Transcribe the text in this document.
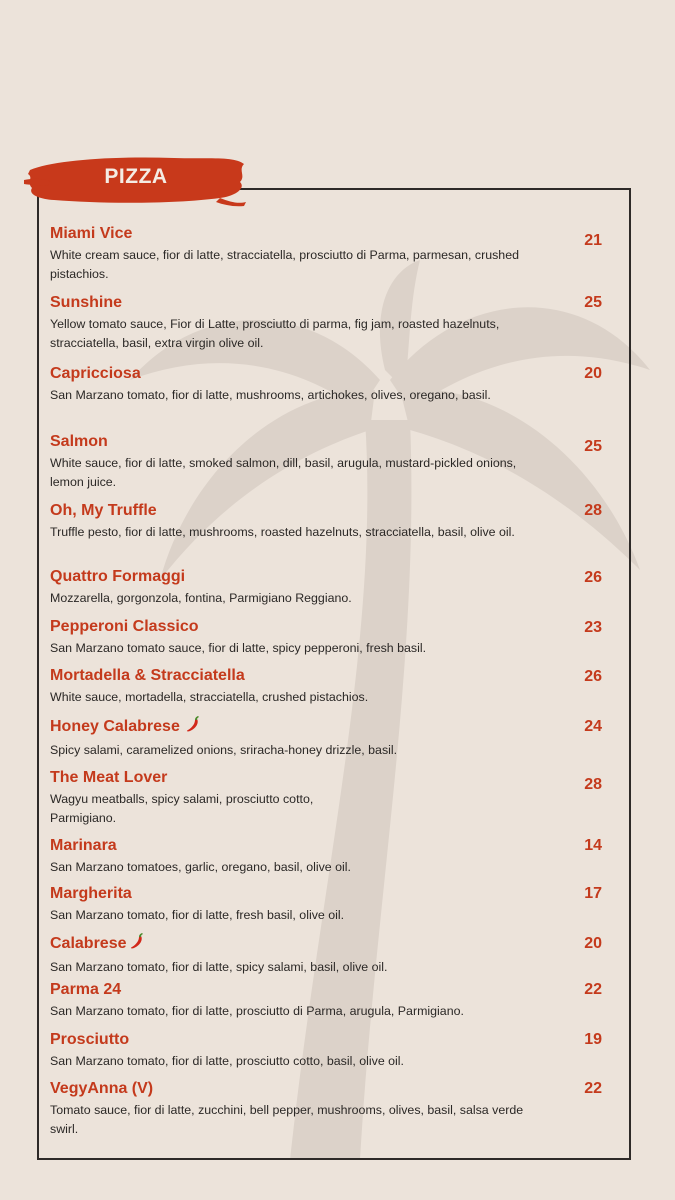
PIZZA
Miami Vice
White cream sauce, fior di latte, stracciatella, prosciutto di Parma, parmesan, crushed pistachios.
21
Sunshine
Yellow tomato sauce, Fior di Latte, prosciutto di parma, fig jam, roasted hazelnuts, stracciatella, basil, extra virgin olive oil.
25
Capricciosa
San Marzano tomato, fior di latte, mushrooms, artichokes, olives, oregano, basil.
20
Salmon
White sauce, fior di latte, smoked salmon, dill, basil, arugula, mustard-pickled onions, lemon juice.
25
Oh, My Truffle
Truffle pesto, fior di latte, mushrooms, roasted hazelnuts, stracciatella, basil, olive oil.
28
Quattro Formaggi
Mozzarella, gorgonzola, fontina, Parmigiano Reggiano.
26
Pepperoni Classico
San Marzano tomato sauce, fior di latte, spicy pepperoni, fresh basil.
23
Mortadella & Stracciatella
White sauce, mortadella, stracciatella, crushed pistachios.
26
Honey Calabrese
Spicy salami, caramelized onions, sriracha-honey drizzle, basil.
24
The Meat Lover
Wagyu meatballs, spicy salami, prosciutto cotto, Parmigiano.
28
Marinara
San Marzano tomatoes, garlic, oregano, basil, olive oil.
14
Margherita
San Marzano tomato, fior di latte, fresh basil, olive oil.
17
Calabrese
San Marzano tomato, fior di latte, spicy salami, basil, olive oil.
20
Parma 24
San Marzano tomato, fior di latte, prosciutto di Parma, arugula, Parmigiano.
22
Prosciutto
San Marzano tomato, fior di latte, prosciutto cotto, basil, olive oil.
19
VegyAnna (V)
Tomato sauce, fior di latte, zucchini, bell pepper, mushrooms, olives, basil, salsa verde swirl.
22
